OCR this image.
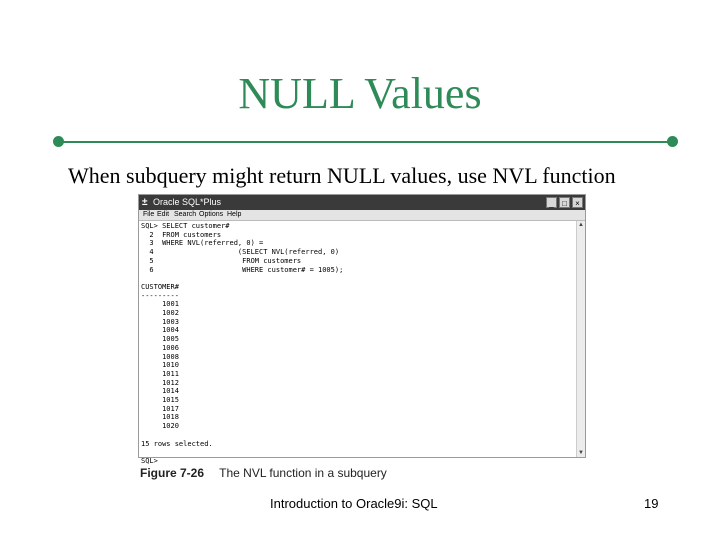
NULL Values
When subquery might return NULL values, use NVL function
± Oracle SQL*Plus	_	□	×
File Edit Search Options Help
SQL> SELECT customer#
2  FROM customers
3  WHERE NVL(referred, 0) =
4                    (SELECT NVL(referred, 0)
5                     FROM customers
6                     WHERE customer# = 1005);

CUSTOMER#
---------
1001
1002
1003
1004
1005
1006
1008
1010
1011
1012
1014
1015
1017
1018
1020

15 rows selected.

SQL>
▲
▼
Figure 7-26 The NVL function in a subquery
Introduction to Oracle9i: SQL	19
